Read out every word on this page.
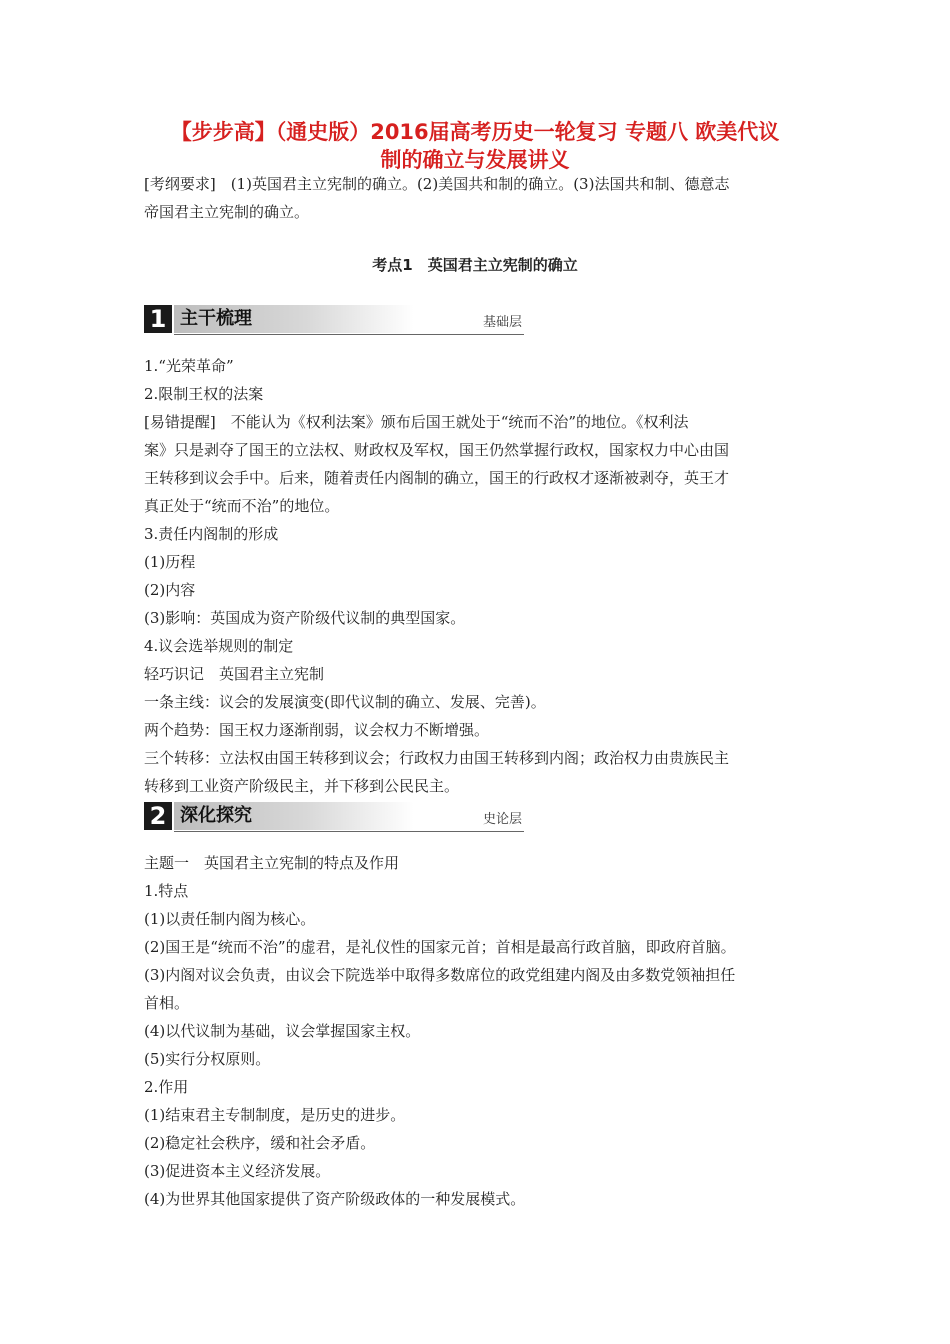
【步步高】（通史版）2016届高考历史一轮复习 专题八 欧美代议
制的确立与发展讲义
[考纲要求]　(1)英国君主立宪制的确立。(2)美国共和制的确立。(3)法国共和制、德意志
帝国君主立宪制的确立。
考点1　英国君主立宪制的确立
1 主干梳理	基础层
1.“光荣革命”
2.限制王权的法案
[易错提醒]　不能认为《权利法案》颁布后国王就处于“统而不治”的地位。《权利法
案》只是剥夺了国王的立法权、财政权及军权，国王仍然掌握行政权，国家权力中心由国
王转移到议会手中。后来，随着责任内阁制的确立，国王的行政权才逐渐被剥夺，英王才
真正处于“统而不治”的地位。
3.责任内阁制的形成
(1)历程
(2)内容
(3)影响：英国成为资产阶级代议制的典型国家。
4.议会选举规则的制定
轻巧识记　英国君主立宪制
一条主线：议会的发展演变(即代议制的确立、发展、完善)。
两个趋势：国王权力逐渐削弱，议会权力不断增强。
三个转移：立法权由国王转移到议会；行政权力由国王转移到内阁；政治权力由贵族民主
转移到工业资产阶级民主，并下移到公民民主。
2 深化探究	史论层
主题一　英国君主立宪制的特点及作用
1.特点
(1)以责任制内阁为核心。
(2)国王是“统而不治”的虚君，是礼仪性的国家元首；首相是最高行政首脑，即政府首脑。
(3)内阁对议会负责，由议会下院选举中取得多数席位的政党组建内阁及由多数党领袖担任
首相。
(4)以代议制为基础，议会掌握国家主权。
(5)实行分权原则。
2.作用
(1)结束君主专制制度，是历史的进步。
(2)稳定社会秩序，缓和社会矛盾。
(3)促进资本主义经济发展。
(4)为世界其他国家提供了资产阶级政体的一种发展模式。
